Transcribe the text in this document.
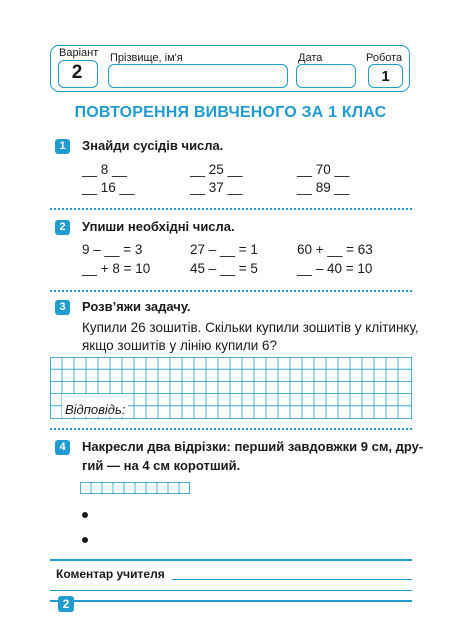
Варіант
2
Прізвище, ім'я	Дата	Робота
1
ПОВТОРЕННЯ ВИВЧЕНОГО ЗА 1 КЛАС
1	Знайди сусідів числа.
__ 8 __	__ 25 __	__ 70 __
__ 16 __	__ 37 __	__ 89 __
2	Упиши необхідні числа.
9 – __ = 3	27 – __ = 1	60 + __ = 63
__ + 8 = 10	45 – __ = 5	__ – 40 = 10
3	Розв’яжи задачу.
Купили 26 зошитів. Скільки купили зошитів у клітинку,
якщо зошитів у лінію купили 6?
Відповідь:
4	Накресли два відрізки: перший завдовжки 9 см, дру-
гий — на 4 см коротший.
Коментар учителя
2
